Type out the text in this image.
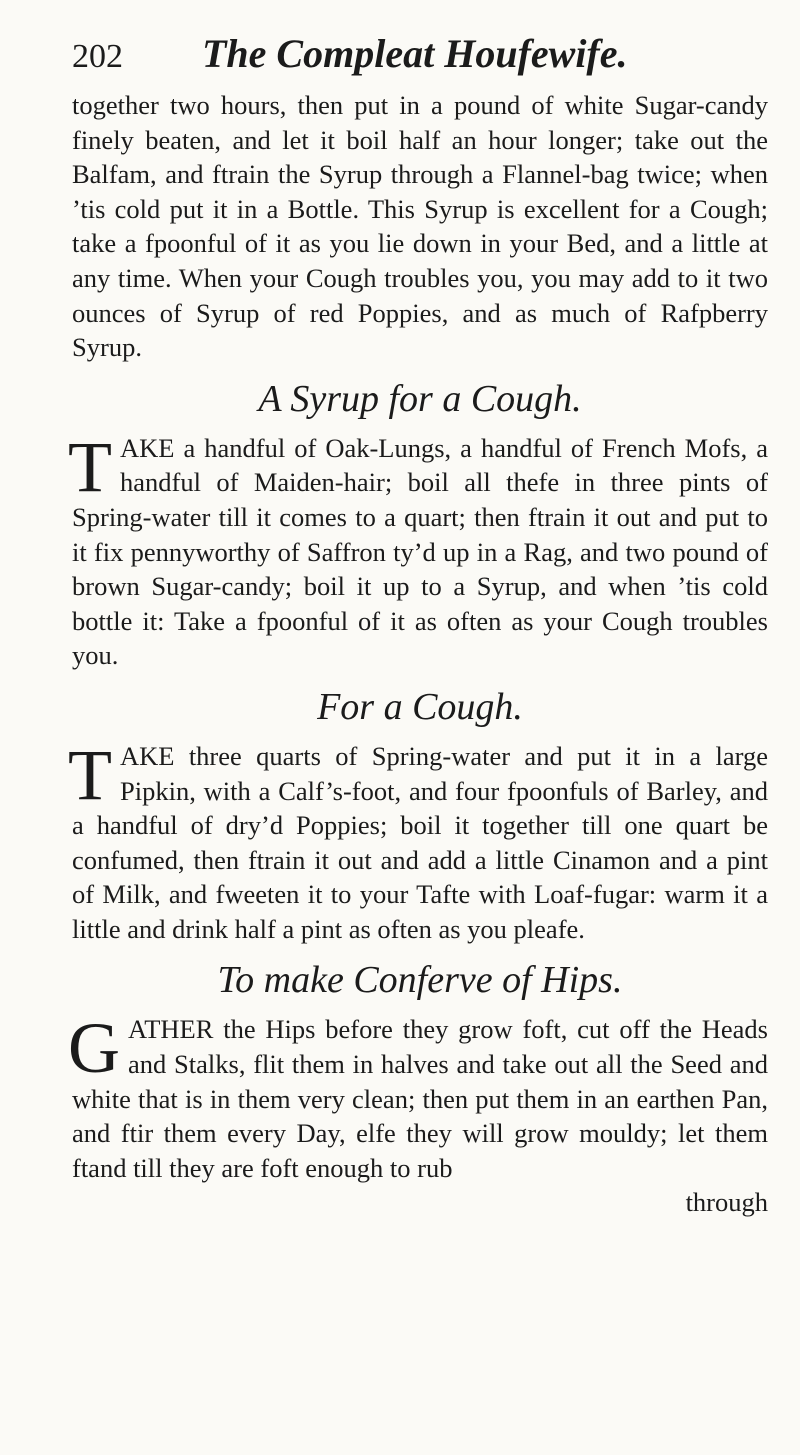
202	The Compleat Houfewife.

together two hours, then put in a pound of white Sugar-candy finely beaten, and let it boil half an hour longer; take out the Balfam, and ftrain the Syrup through a Flannel-bag twice; when ’tis cold put it in a Bottle. This Syrup is excellent for a Cough; take a fpoonful of it as you lie down in your Bed, and a little at any time. When your Cough troubles you, you may add to it two ounces of Syrup of red Poppies, and as much of Rafpberry Syrup.

A Syrup for a Cough.
T AKE a handful of Oak-Lungs, a handful of French Mofs, a handful of Maiden-hair; boil all thefe in three pints of Spring-water till it comes to a quart; then ftrain it out and put to it fix pennyworthy of Saffron ty’d up in a Rag, and two pound of brown Sugar-candy; boil it up to a Syrup, and when ’tis cold bottle it: Take a fpoonful of it as often as your Cough troubles you.

For a Cough.
T AKE three quarts of Spring-water and put it in a large Pipkin, with a Calf’s-foot, and four fpoonfuls of Barley, and a handful of dry’d Poppies; boil it together till one quart be confumed, then ftrain it out and add a little Cinamon and a pint of Milk, and fweeten it to your Tafte with Loaf-fugar: warm it a little and drink half a pint as often as you pleafe.

To make Conferve of Hips.
G ATHER the Hips before they grow foft, cut off the Heads and Stalks, flit them in halves and take out all the Seed and white that is in them very clean; then put them in an earthen Pan, and ftir them every Day, elfe they will grow mouldy; let them ftand till they are foft enough to rub

through
